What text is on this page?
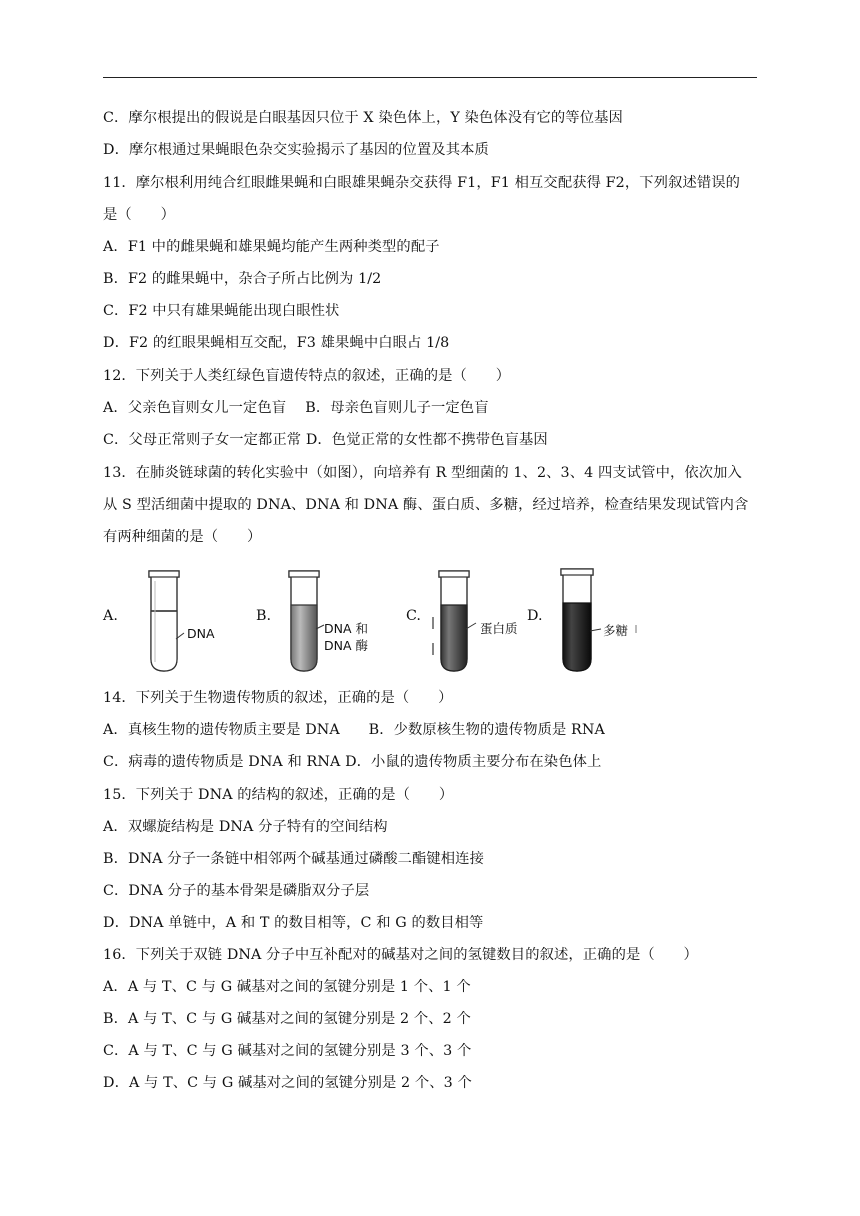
C．摩尔根提出的假说是白眼基因只位于 X 染色体上，Y 染色体没有它的等位基因
D．摩尔根通过果蝇眼色杂交实验揭示了基因的位置及其本质
11．摩尔根利用纯合红眼雌果蝇和白眼雄果蝇杂交获得 F1，F1 相互交配获得 F2，下列叙述错误的
是（　　）
A．F1 中的雌果蝇和雄果蝇均能产生两种类型的配子
B．F2 的雌果蝇中，杂合子所占比例为 1/2
C．F2 中只有雄果蝇能出现白眼性状
D．F2 的红眼果蝇相互交配，F3 雄果蝇中白眼占 1/8
12．下列关于人类红绿色盲遗传特点的叙述，正确的是（　　）
A．父亲色盲则女儿一定色盲　 B．母亲色盲则儿子一定色盲
C．父母正常则子女一定都正常 D．色觉正常的女性都不携带色盲基因
13．在肺炎链球菌的转化实验中（如图），向培养有 R 型细菌的 1、2、3、4 四支试管中，依次加入
从 S 型活细菌中提取的 DNA、DNA 和 DNA 酶、蛋白质、多糖，经过培养，检查结果发现试管内含
有两种细菌的是（　　）
A.
DNA
B.
DNA 和
DNA 酶
C.
蛋白质
D.
多糖
14．下列关于生物遗传物质的叙述，正确的是（　　）
A．真核生物的遗传物质主要是 DNA　　B．少数原核生物的遗传物质是 RNA
C．病毒的遗传物质是 DNA 和 RNA D．小鼠的遗传物质主要分布在染色体上
15．下列关于 DNA 的结构的叙述，正确的是（　　）
A．双螺旋结构是 DNA 分子特有的空间结构
B．DNA 分子一条链中相邻两个碱基通过磷酸二酯键相连接
C．DNA 分子的基本骨架是磷脂双分子层
D．DNA 单链中，A 和 T 的数目相等，C 和 G 的数目相等
16．下列关于双链 DNA 分子中互补配对的碱基对之间的氢键数目的叙述，正确的是（　　）
A．A 与 T、C 与 G 碱基对之间的氢键分别是 1 个、1 个
B．A 与 T、C 与 G 碱基对之间的氢键分别是 2 个、2 个
C．A 与 T、C 与 G 碱基对之间的氢键分别是 3 个、3 个
D．A 与 T、C 与 G 碱基对之间的氢键分别是 2 个、3 个
